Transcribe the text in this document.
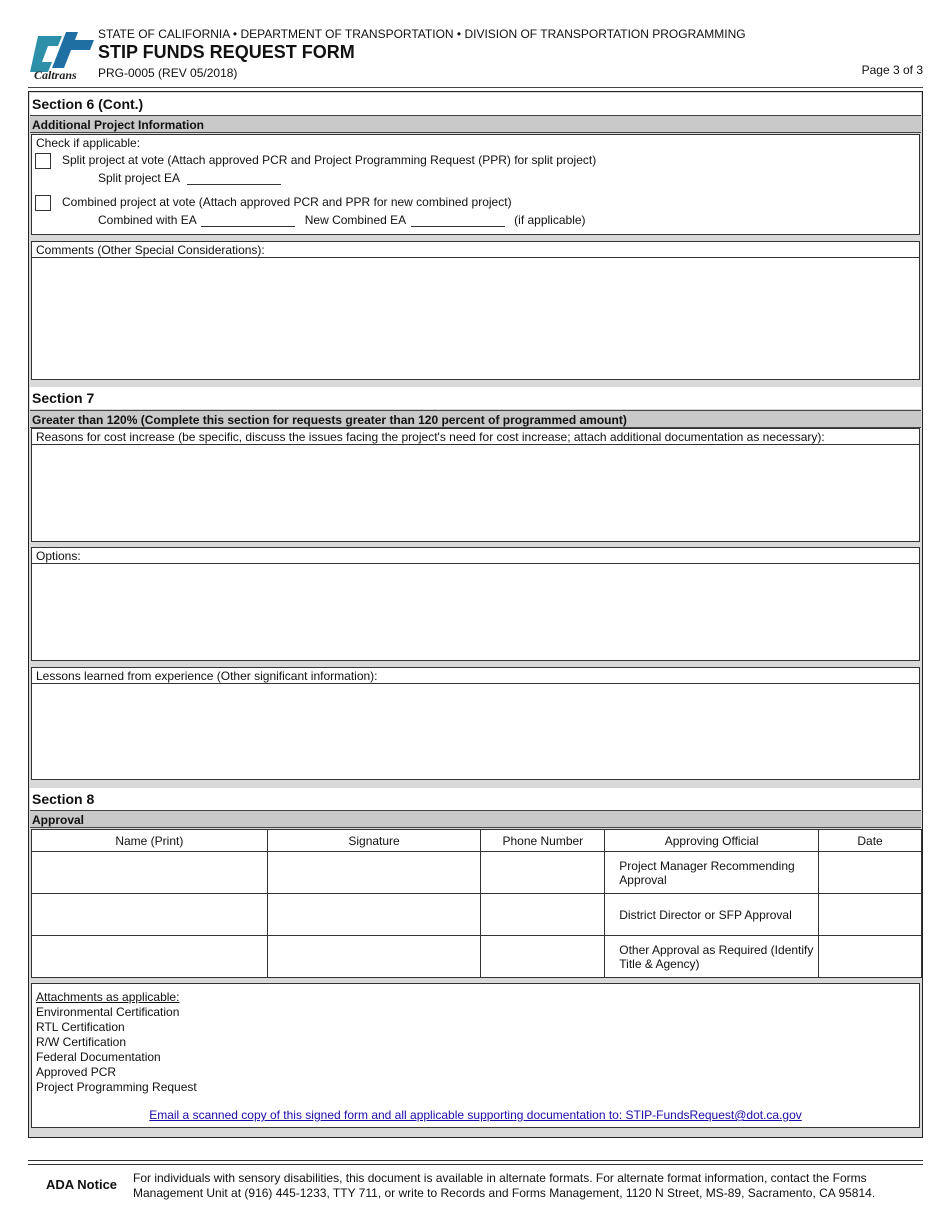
Caltrans
STATE OF CALIFORNIA • DEPARTMENT OF TRANSPORTATION • DIVISION OF TRANSPORTATION PROGRAMMING
STIP FUNDS REQUEST FORM
PRG-0005 (REV 05/2018)	Page 3 of 3
Section 6 (Cont.)
Additional Project Information
Check if applicable:
Split project at vote (Attach approved PCR and Project Programming Request (PPR) for split project)
Split project EA
Combined project at vote (Attach approved PCR and PPR for new combined project)
Combined with EA	New Combined EA	(if applicable)
Comments (Other Special Considerations):
Section 7
Greater than 120% (Complete this section for requests greater than 120 percent of programmed amount)
Reasons for cost increase (be specific, discuss the issues facing the project's need for cost increase; attach additional documentation as necessary):
Options:
Lessons learned from experience (Other significant information):
Section 8
Approval
Name (Print)	Signature	Phone Number	Approving Official	Date
			Project Manager Recommending Approval	
			District Director or SFP Approval	
			Other Approval as Required (Identify Title & Agency)	
Attachments as applicable:
Environmental Certification
RTL Certification
R/W Certification
Federal Documentation
Approved PCR
Project Programming Request
Email a scanned copy of this signed form and all applicable supporting documentation to: STIP-FundsRequest@dot.ca.gov
ADA Notice For individuals with sensory disabilities, this document is available in alternate formats. For alternate format information, contact the Forms Management Unit at (916) 445-1233, TTY 711, or write to Records and Forms Management, 1120 N Street, MS-89, Sacramento, CA 95814.
